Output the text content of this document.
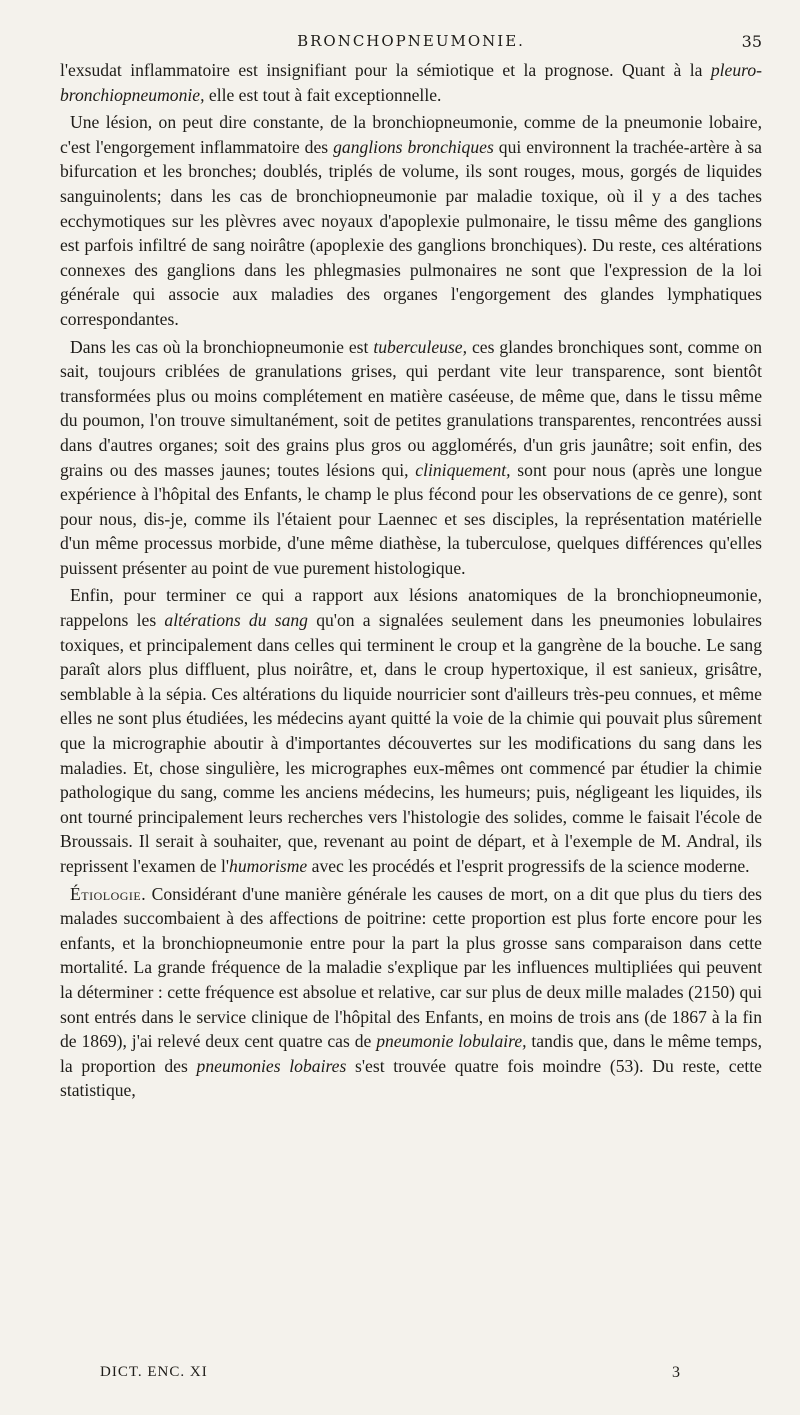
BRONCHOPNEUMONIE.	35

l'exsudat inflammatoire est insignifiant pour la sémiotique et la prognose. Quant à la pleuro-bronchiopneumonie, elle est tout à fait exceptionnelle.

Une lésion, on peut dire constante, de la bronchiopneumonie, comme de la pneumonie lobaire, c'est l'engorgement inflammatoire des ganglions bronchiques qui environnent la trachée-artère à sa bifurcation et les bronches; doublés, triplés de volume, ils sont rouges, mous, gorgés de liquides sanguinolents; dans les cas de bronchiopneumonie par maladie toxique, où il y a des taches ecchymotiques sur les plèvres avec noyaux d'apoplexie pulmonaire, le tissu même des ganglions est parfois infiltré de sang noirâtre (apoplexie des ganglions bronchiques). Du reste, ces altérations connexes des ganglions dans les phlegmasies pulmonaires ne sont que l'expression de la loi générale qui associe aux maladies des organes l'engorgement des glandes lymphatiques correspondantes.

Dans les cas où la bronchiopneumonie est tuberculeuse, ces glandes bronchiques sont, comme on sait, toujours criblées de granulations grises, qui perdant vite leur transparence, sont bientôt transformées plus ou moins complétement en matière caséeuse, de même que, dans le tissu même du poumon, l'on trouve simultanément, soit de petites granulations transparentes, rencontrées aussi dans d'autres organes; soit des grains plus gros ou agglomérés, d'un gris jaunâtre; soit enfin, des grains ou des masses jaunes; toutes lésions qui, cliniquement, sont pour nous (après une longue expérience à l'hôpital des Enfants, le champ le plus fécond pour les observations de ce genre), sont pour nous, dis-je, comme ils l'étaient pour Laennec et ses disciples, la représentation matérielle d'un même processus morbide, d'une même diathèse, la tuberculose, quelques différences qu'elles puissent présenter au point de vue purement histologique.

Enfin, pour terminer ce qui a rapport aux lésions anatomiques de la bronchiopneumonie, rappelons les altérations du sang qu'on a signalées seulement dans les pneumonies lobulaires toxiques, et principalement dans celles qui terminent le croup et la gangrène de la bouche. Le sang paraît alors plus diffluent, plus noirâtre, et, dans le croup hypertoxique, il est sanieux, grisâtre, semblable à la sépia. Ces altérations du liquide nourricier sont d'ailleurs très-peu connues, et même elles ne sont plus étudiées, les médecins ayant quitté la voie de la chimie qui pouvait plus sûrement que la micrographie aboutir à d'importantes découvertes sur les modifications du sang dans les maladies. Et, chose singulière, les micrographes eux-mêmes ont commencé par étudier la chimie pathologique du sang, comme les anciens médecins, les humeurs; puis, négligeant les liquides, ils ont tourné principalement leurs recherches vers l'histologie des solides, comme le faisait l'école de Broussais. Il serait à souhaiter, que, revenant au point de départ, et à l'exemple de M. Andral, ils reprissent l'examen de l'humorisme avec les procédés et l'esprit progressifs de la science moderne.

Étiologie. Considérant d'une manière générale les causes de mort, on a dit que plus du tiers des malades succombaient à des affections de poitrine: cette proportion est plus forte encore pour les enfants, et la bronchiopneumonie entre pour la part la plus grosse sans comparaison dans cette mortalité. La grande fréquence de la maladie s'explique par les influences multipliées qui peuvent la déterminer : cette fréquence est absolue et relative, car sur plus de deux mille malades (2150) qui sont entrés dans le service clinique de l'hôpital des Enfants, en moins de trois ans (de 1867 à la fin de 1869), j'ai relevé deux cent quatre cas de pneumonie lobulaire, tandis que, dans le même temps, la proportion des pneumonies lobaires s'est trouvée quatre fois moindre (53). Du reste, cette statistique,

DICT. ENC. XI	3
